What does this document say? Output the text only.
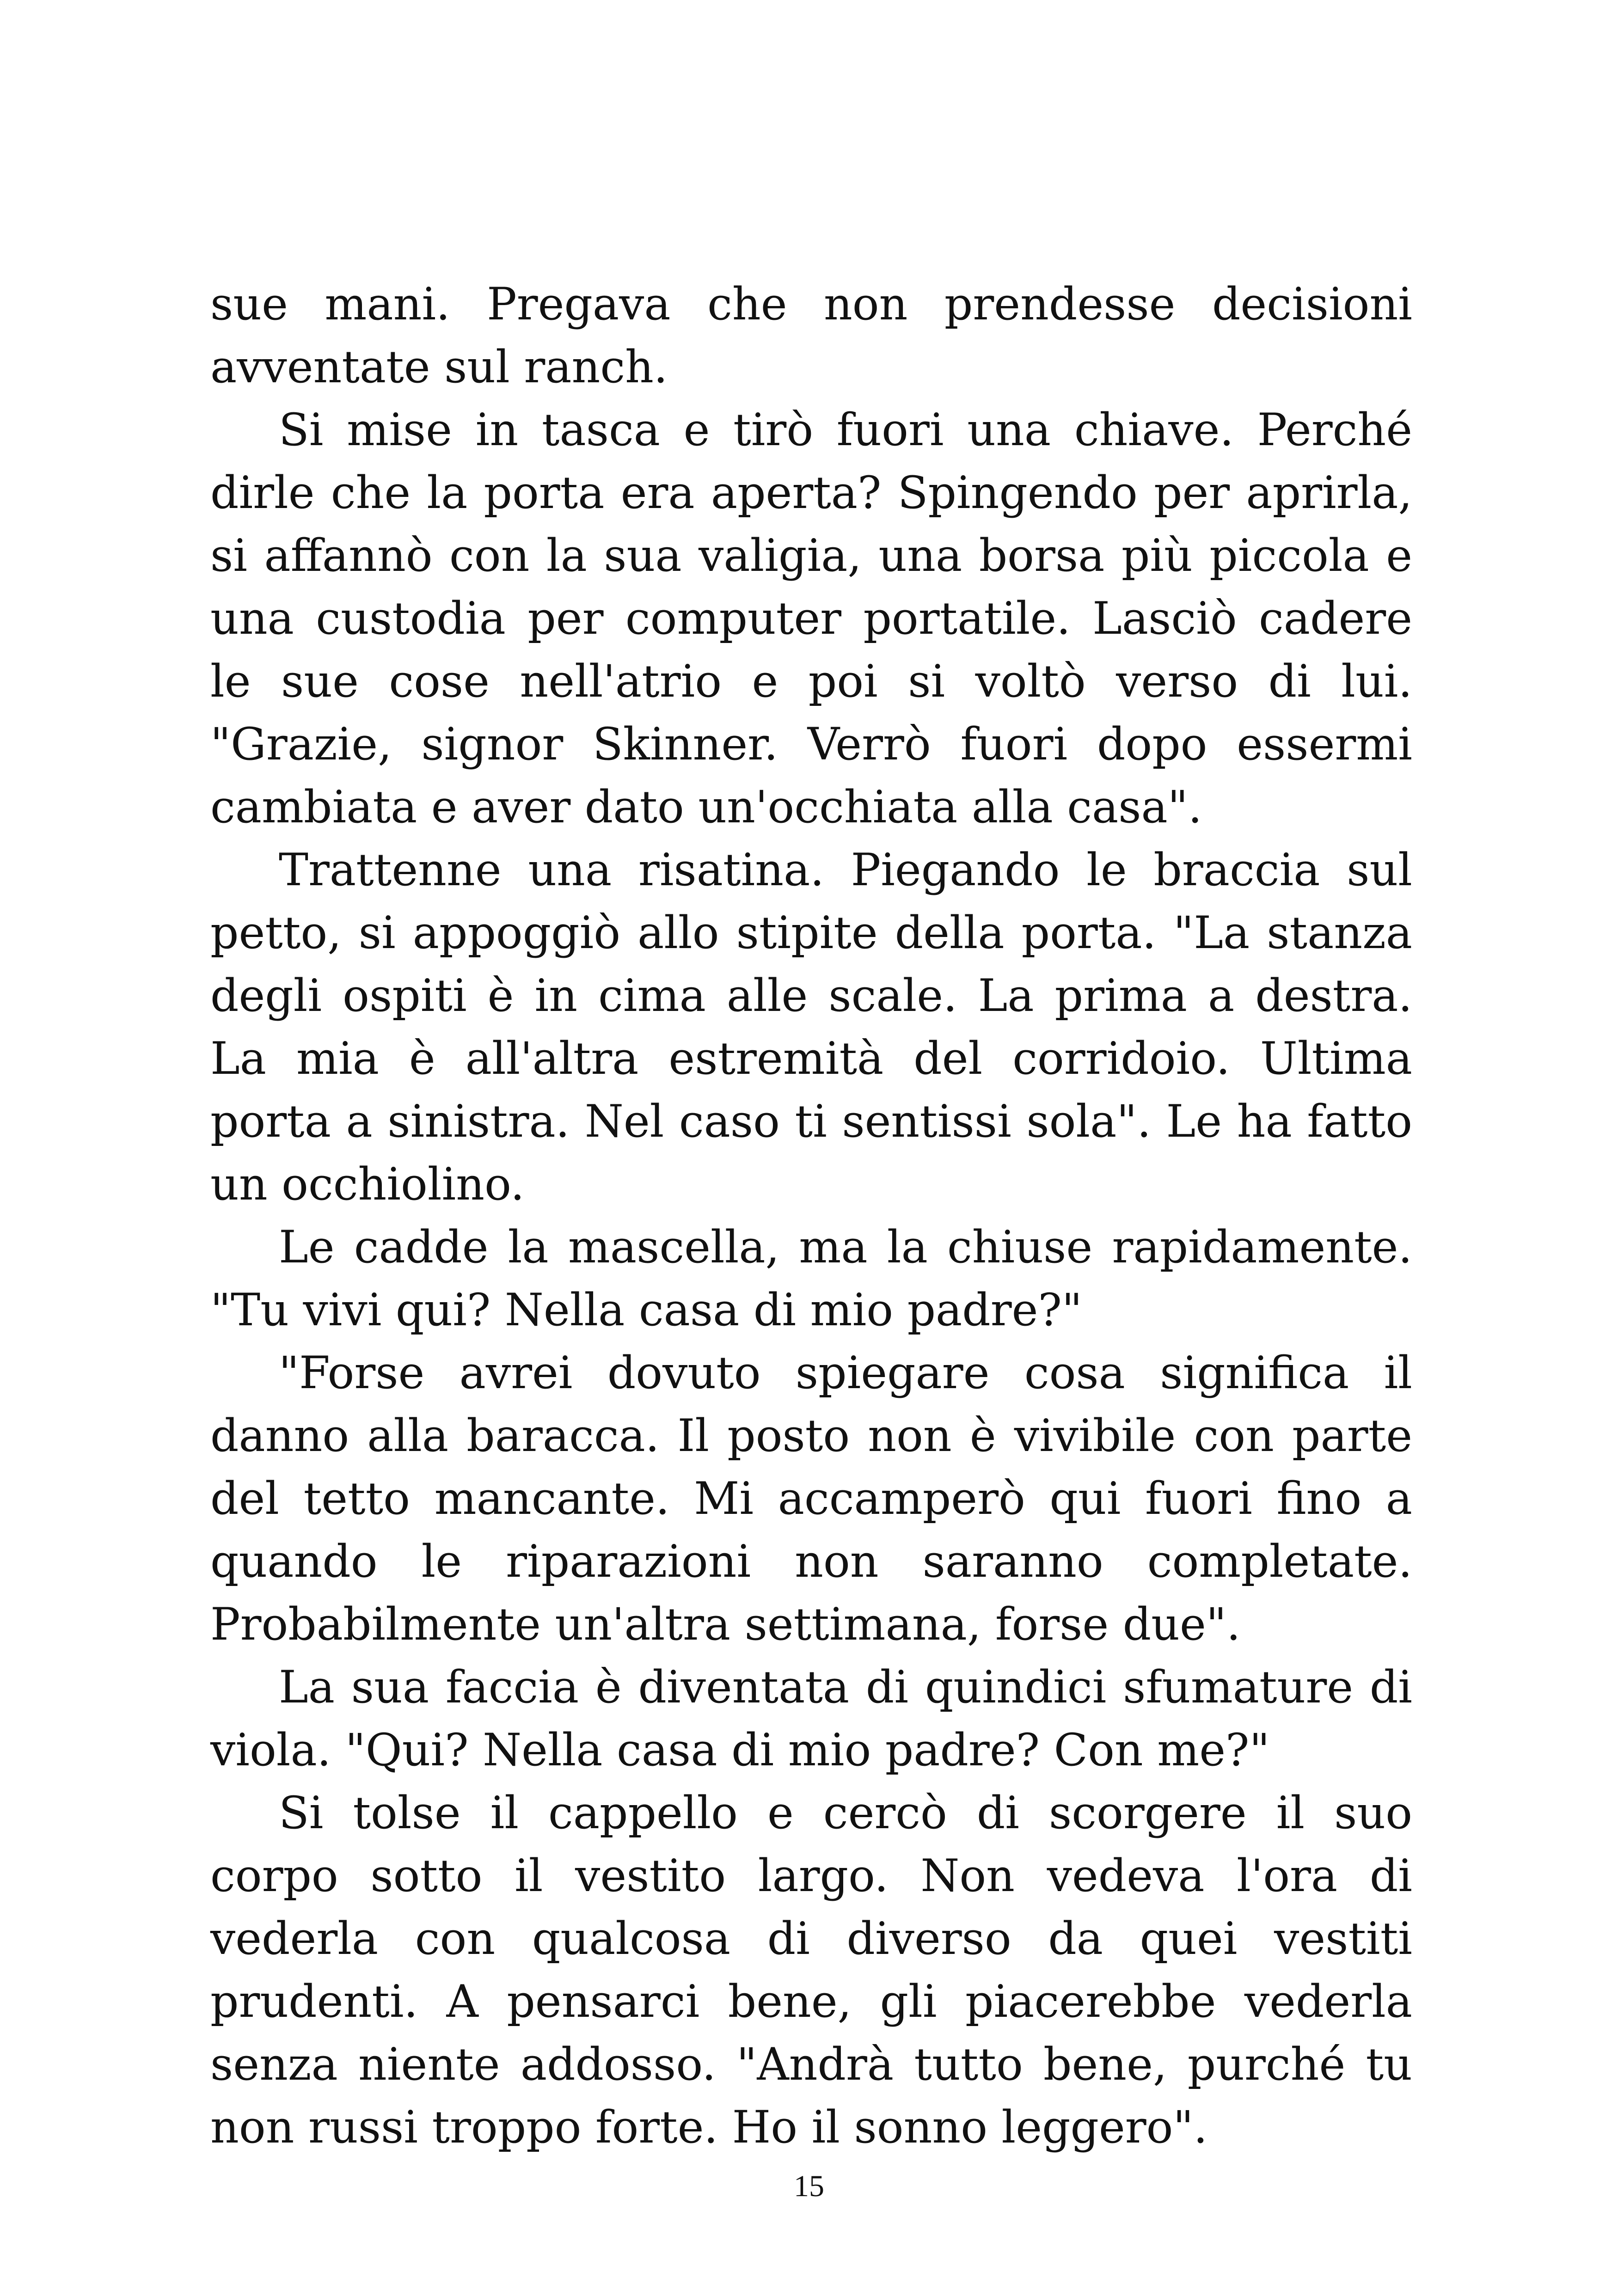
sue mani. Pregava che non prendesse decisioni avventate sul ranch.

Si mise in tasca e tirò fuori una chiave. Perché dirle che la porta era aperta? Spingendo per aprirla, si affannò con la sua valigia, una borsa più piccola e una custodia per computer portatile. Lasciò cadere le sue cose nell'atrio e poi si voltò verso di lui. "Grazie, signor Skinner. Verrò fuori dopo essermi cambiata e aver dato un'occhiata alla casa".

Trattenne una risatina. Piegando le braccia sul petto, si appoggiò allo stipite della porta. "La stanza degli ospiti è in cima alle scale. La prima a destra. La mia è all'altra estremità del corridoio. Ultima porta a sinistra. Nel caso ti sentissi sola". Le ha fatto un occhiolino.

Le cadde la mascella, ma la chiuse rapidamente. "Tu vivi qui? Nella casa di mio padre?"

"Forse avrei dovuto spiegare cosa significa il danno alla baracca. Il posto non è vivibile con parte del tetto mancante. Mi accamperò qui fuori fino a quando le riparazioni non saranno completate. Probabilmente un'altra settimana, forse due".

La sua faccia è diventata di quindici sfumature di viola. "Qui? Nella casa di mio padre? Con me?"

Si tolse il cappello e cercò di scorgere il suo corpo sotto il vestito largo. Non vedeva l'ora di vederla con qualcosa di diverso da quei vestiti prudenti. A pensarci bene, gli piacerebbe vederla senza niente addosso. "Andrà tutto bene, purché tu non russi troppo forte. Ho il sonno leggero".

15
